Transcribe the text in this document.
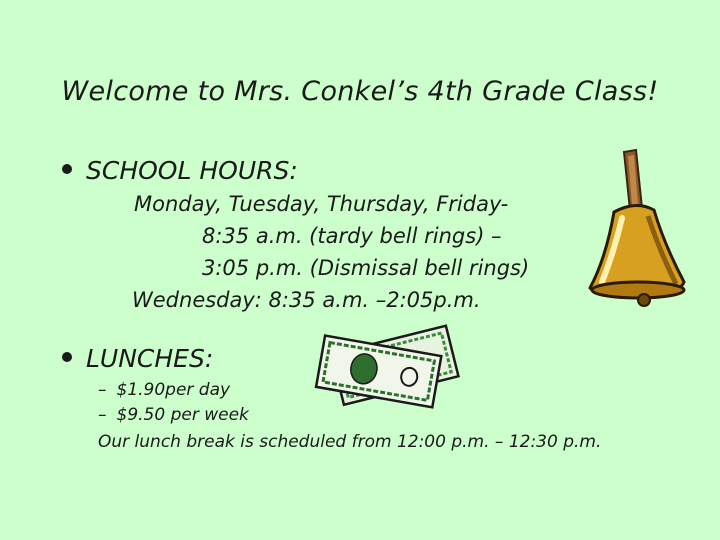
Welcome to Mrs. Conkel’s 4th Grade Class!
SCHOOL HOURS:
Monday, Tuesday, Thursday, Friday-
8:35 a.m. (tardy bell rings) –
3:05 p.m. (Dismissal bell rings)
Wednesday: 8:35 a.m. –2:05p.m.
LUNCHES:
– $1.90per day
– $9.50 per week
Our lunch break is scheduled from 12:00 p.m. – 12:30 p.m.
